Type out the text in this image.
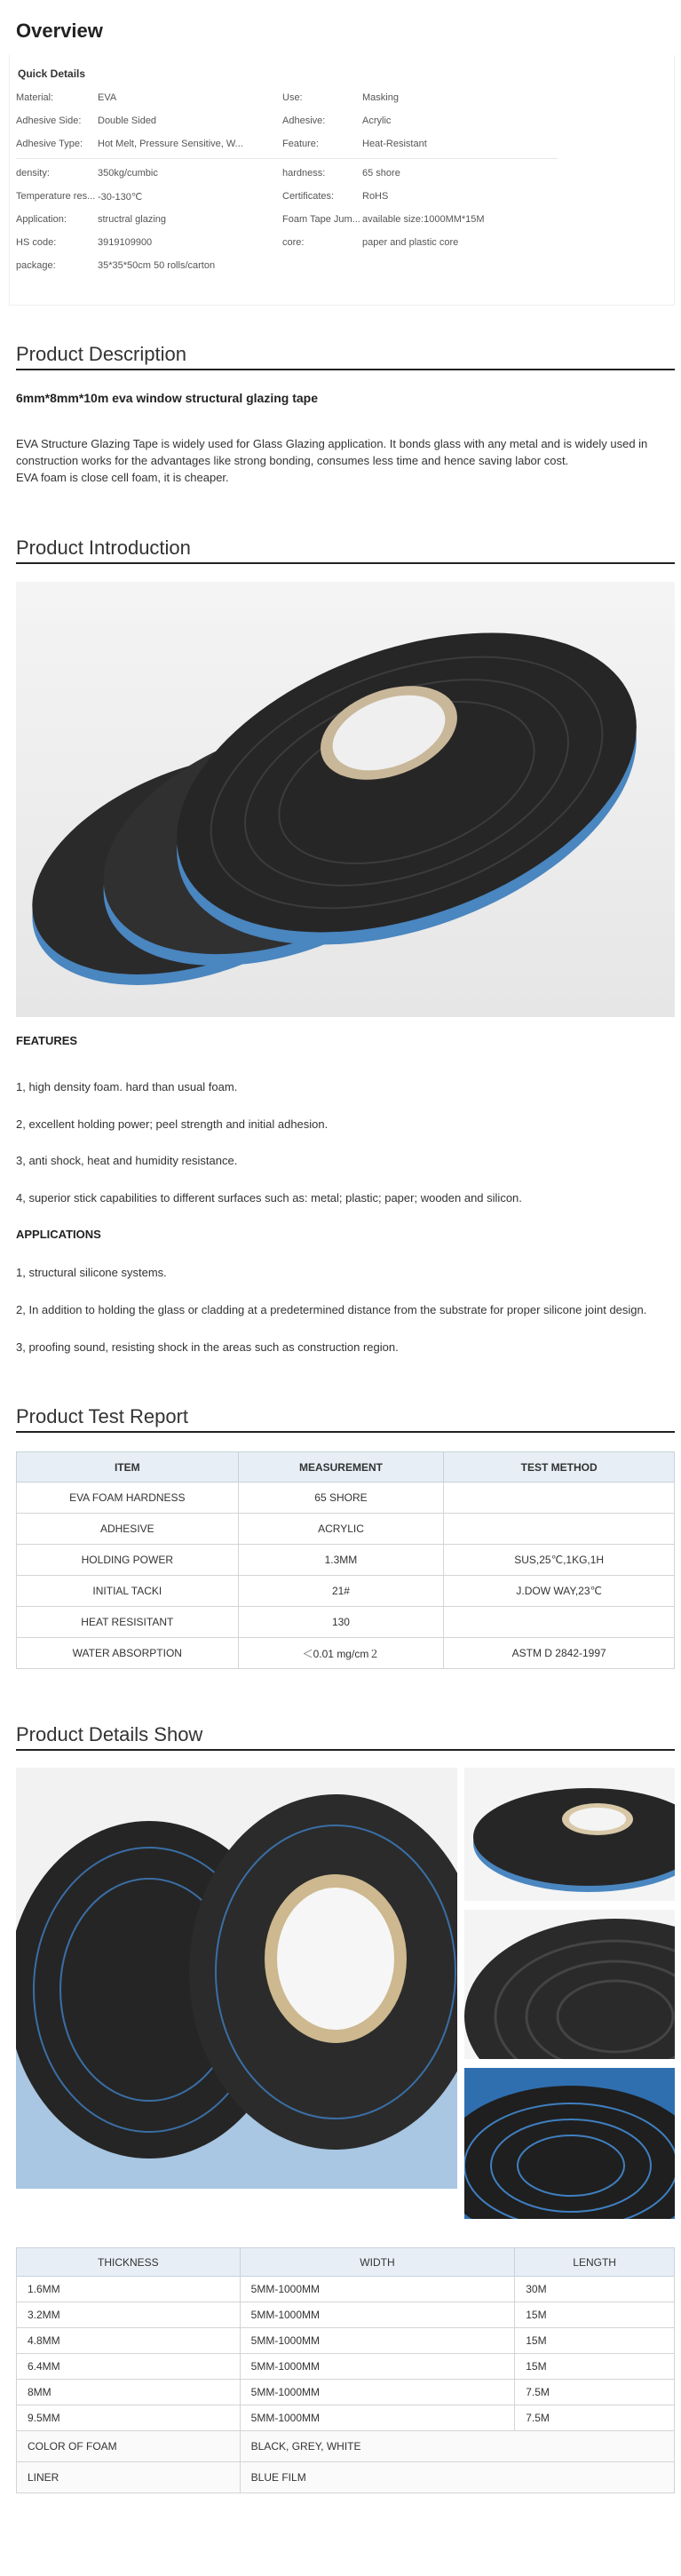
Overview
Quick Details
Material:	EVA	Use:	Masking
Adhesive Side:	Double Sided	Adhesive:	Acrylic
Adhesive Type:	Hot Melt, Pressure Sensitive, W...	Feature:	Heat-Resistant
density:	350kg/cumbic	hardness:	65 shore
Temperature res... -30-130℃	Certificates:	RoHS
Application:	structral glazing	Foam Tape Jum... available size:1000MM*15M
HS code:	3919109900	core:	paper and plastic core
package:	35*35*50cm 50 rolls/carton
Product Description
6mm*8mm*10m eva window structural glazing tape

EVA Structure Glazing Tape is widely used for Glass Glazing application. It bonds glass with any metal and is widely used in construction works for the advantages like strong bonding, consumes less time and hence saving labor cost.

EVA foam is close cell foam, it is cheaper.

Product Introduction
FEATURES
1, high density foam. hard than usual foam.
2, excellent holding power; peel strength and initial adhesion.
3, anti shock, heat and humidity resistance.
4, superior stick capabilities to different surfaces such as: metal; plastic; paper; wooden and silicon.
APPLICATIONS
1, structural silicone systems.
2, In addition to holding the glass or cladding at a predetermined distance from the substrate for proper silicone joint design.
3, proofing sound, resisting shock in the areas such as construction region.
Product Test Report
ITEM	MEASUREMENT	TEST METHOD
EVA FOAM HARDNESS	65 SHORE	
ADHESIVE	ACRYLIC	
HOLDING POWER	1.3MM	SUS,25℃,1KG,1H
INITIAL TACKI	21#	J.DOW WAY,23℃
HEAT RESISITANT	130	
WATER ABSORPTION	＜0.01 mg/cm２	ASTM D 2842-1997
Product Details Show
THICKNESS	WIDTH	LENGTH
1.6MM	5MM-1000MM	30M
3.2MM	5MM-1000MM	15M
4.8MM	5MM-1000MM	15M
6.4MM	5MM-1000MM	15M
8MM	5MM-1000MM	7.5M
9.5MM	5MM-1000MM	7.5M
COLOR OF FOAM	BLACK, GREY, WHITE	
LINER	BLUE FILM	
